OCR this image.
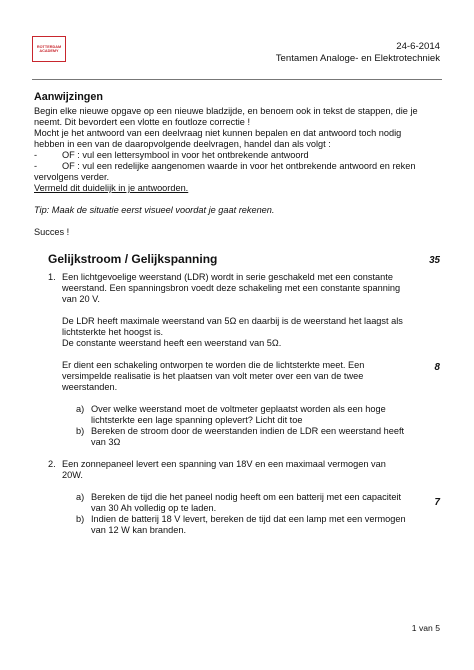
ROTTERDAM
ACADEMY	24-6-2014
Tentamen Analoge- en Elektrotechniek
Aanwijzingen
Begin elke nieuwe opgave op een nieuwe bladzijde, en benoem ook in tekst de stappen, die je
neemt. Dit bevordert een vlotte en foutloze correctie !
Mocht je het antwoord van een deelvraag niet kunnen bepalen en dat antwoord toch nodig
hebben in een van de daaropvolgende deelvragen, handel dan als volgt :
-	OF : vul een lettersymbool in voor het ontbrekende antwoord
-	OF : vul een redelijke aangenomen waarde in voor het ontbrekende antwoord en reken
vervolgens verder.
Vermeld dit duidelijk in je antwoorden.
Tip: Maak de situatie eerst visueel voordat je gaat rekenen.
Succes !
Gelijkstroom / Gelijkspanning	35
1. Een lichtgevoelige weerstand (LDR) wordt in serie geschakeld met een constante
weerstand. Een spanningsbron voedt deze schakeling met een constante spanning
van 20 V.
De LDR heeft maximale weerstand van 5Ω en daarbij is de weerstand het laagst als
lichtsterkte het hoogst is.
De constante weerstand heeft een weerstand van 5Ω.
Er dient een schakeling ontworpen te worden die de lichtsterkte meet. Een
versimpelde realisatie is het plaatsen van volt meter over een van de twee
weerstanden.
8
a) Over welke weerstand moet de voltmeter geplaatst worden als een hoge
lichtsterkte een lage spanning oplevert? Licht dit toe
b) Bereken de stroom door de weerstanden indien de LDR een weerstand heeft
van 3Ω
2. Een zonnepaneel levert een spanning van 18V en een maximaal vermogen van
20W.
a) Bereken de tijd die het paneel nodig heeft om een batterij met een capaciteit
van 30 Ah volledig op te laden.	7
b) Indien de batterij 18 V levert, bereken de tijd dat een lamp met een vermogen
van 12 W kan branden.
1 van 5
